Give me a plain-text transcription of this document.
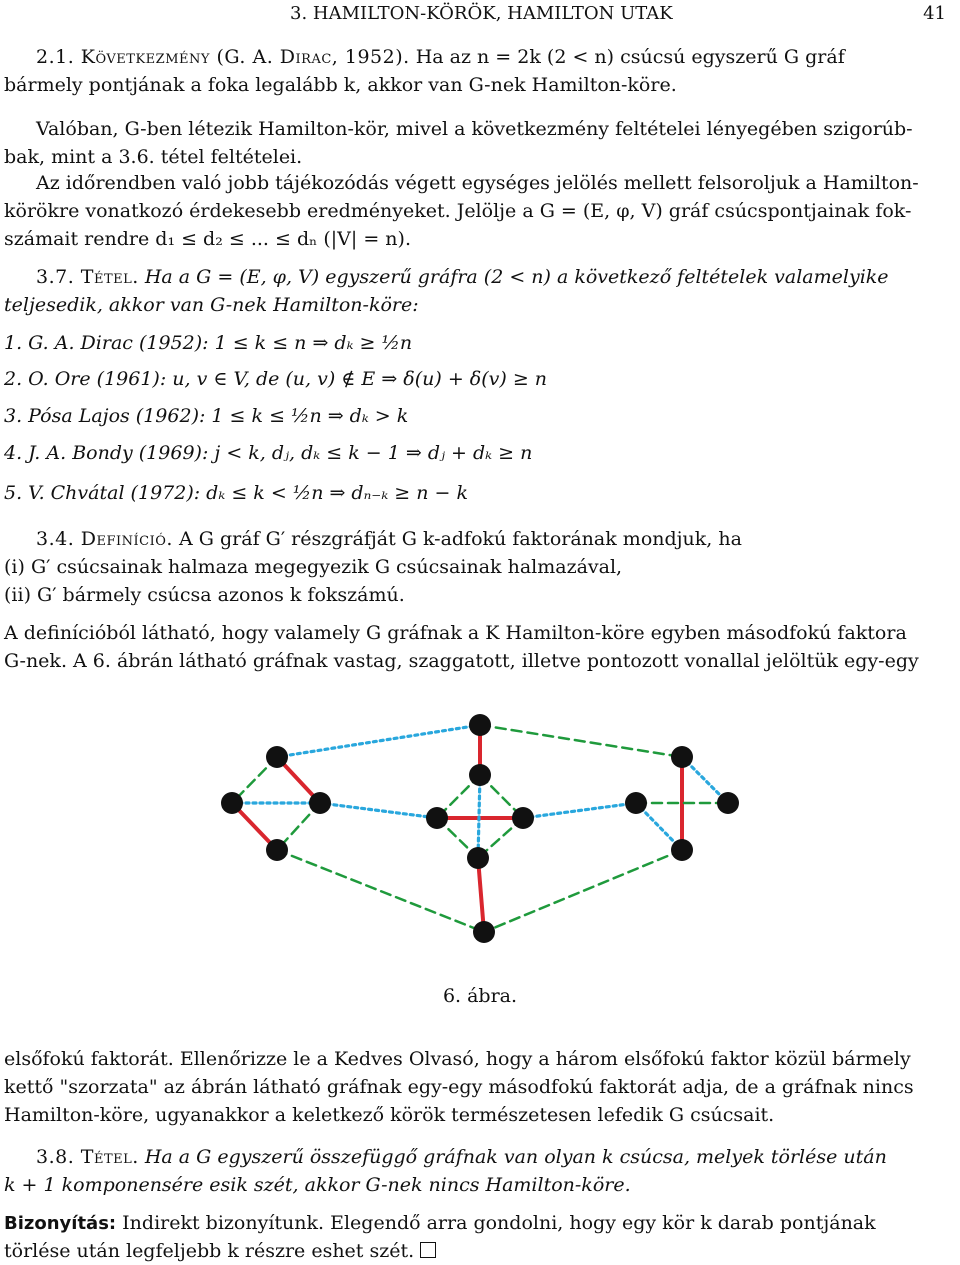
3. HAMILTON-KÖRÖK, HAMILTON UTAK	41
2.1. Következmény (G. A. Dirac, 1952). Ha az n = 2k (2 < n) csúcsú egyszerű G gráf
bármely pontjának a foka legalább k, akkor van G-nek Hamilton-köre.
Valóban, G-ben létezik Hamilton-kör, mivel a következmény feltételei lényegében szigorúb-
bak, mint a 3.6. tétel feltételei.
Az időrendben való jobb tájékozódás végett egységes jelölés mellett felsoroljuk a Hamilton-
körökre vonatkozó érdekesebb eredményeket. Jelölje a G = (E, φ, V) gráf csúcspontjainak fok-
számait rendre d₁ ≤ d₂ ≤ ... ≤ dₙ (|V| = n).
3.7. Tétel. Ha a G = (E, φ, V) egyszerű gráfra (2 < n) a következő feltételek valamelyike
teljesedik, akkor van G-nek Hamilton-köre:
1. G. A. Dirac (1952): 1 ≤ k ≤ n ⇒ dₖ ≥ ½n
2. O. Ore (1961): u, v ∈ V, de (u, v) ∉ E ⇒ δ(u) + δ(v) ≥ n
3. Pósa Lajos (1962): 1 ≤ k ≤ ½n ⇒ dₖ > k
4. J. A. Bondy (1969): j < k, dⱼ, dₖ ≤ k − 1 ⇒ dⱼ + dₖ ≥ n
5. V. Chvátal (1972): dₖ ≤ k < ½n ⇒ dₙ₋ₖ ≥ n − k
3.4. Definíció. A G gráf G′ részgráfját G k-adfokú faktorának mondjuk, ha
(i) G′ csúcsainak halmaza megegyezik G csúcsainak halmazával,
(ii) G′ bármely csúcsa azonos k fokszámú.
A definícióból látható, hogy valamely G gráfnak a K Hamilton-köre egyben másodfokú faktora
G-nek. A 6. ábrán látható gráfnak vastag, szaggatott, illetve pontozott vonallal jelöltük egy-egy
6. ábra.
elsőfokú faktorát. Ellenőrizze le a Kedves Olvasó, hogy a három elsőfokú faktor közül bármely
kettő "szorzata" az ábrán látható gráfnak egy-egy másodfokú faktorát adja, de a gráfnak nincs
Hamilton-köre, ugyanakkor a keletkező körök természetesen lefedik G csúcsait.
3.8. Tétel. Ha a G egyszerű összefüggő gráfnak van olyan k csúcsa, melyek törlése után
k + 1 komponensére esik szét, akkor G-nek nincs Hamilton-köre.
Bizonyítás: Indirekt bizonyítunk. Elegendő arra gondolni, hogy egy kör k darab pontjának
törlése után legfeljebb k részre eshet szét.
